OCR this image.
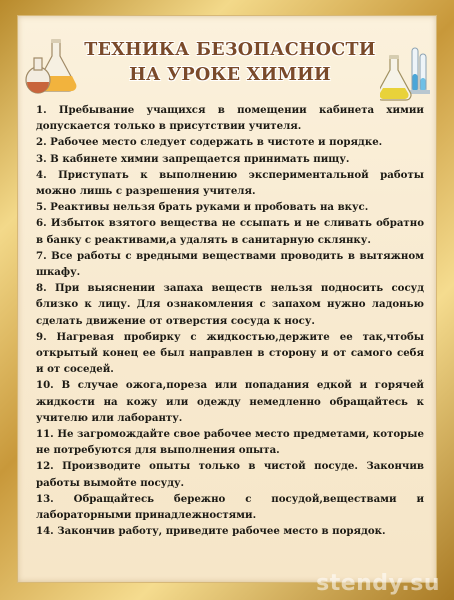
ТЕХНИКА БЕЗОПАСНОСТИ
НА УРОКЕ ХИМИИ
1. Пребывание учащихся в помещении кабинета химии допускается только в присутствии учителя.
2. Рабочее место следует содержать в чистоте и порядке.
3. В кабинете химии запрещается принимать пищу.
4. Приступать к выполнению экспериментальной работы можно лишь с разрешения учителя.
5. Реактивы нельзя брать руками и пробовать на вкус.
6. Избыток взятого вещества не ссыпать и не сливать обратно в банку с реактивами,а удалять в санитарную склянку.
7. Все работы с вредными веществами проводить в вытяжном шкафу.
8. При выяснении запаха веществ нельзя подносить сосуд близко к лицу. Для ознакомления с запахом нужно ладонью сделать движение от отверстия сосуда к носу.
9. Нагревая пробирку с жидкостью,держите ее так,чтобы открытый конец ее был направлен в сторону и от самого себя и от соседей.
10. В случае ожога,пореза или попадания едкой и горячей жидкости на кожу или одежду немедленно обращайтесь к учителю или лаборанту.
11. Не загромождайте свое рабочее место предметами, которые не потребуются для выполнения опыта.
12. Производите опыты только в чистой посуде. Закончив работы вымойте посуду.
13. Обращайтесь бережно с посудой,веществами и лабораторными принадлежностями.
14. Закончив работу, приведите рабочее место в порядок.
stendy.su
